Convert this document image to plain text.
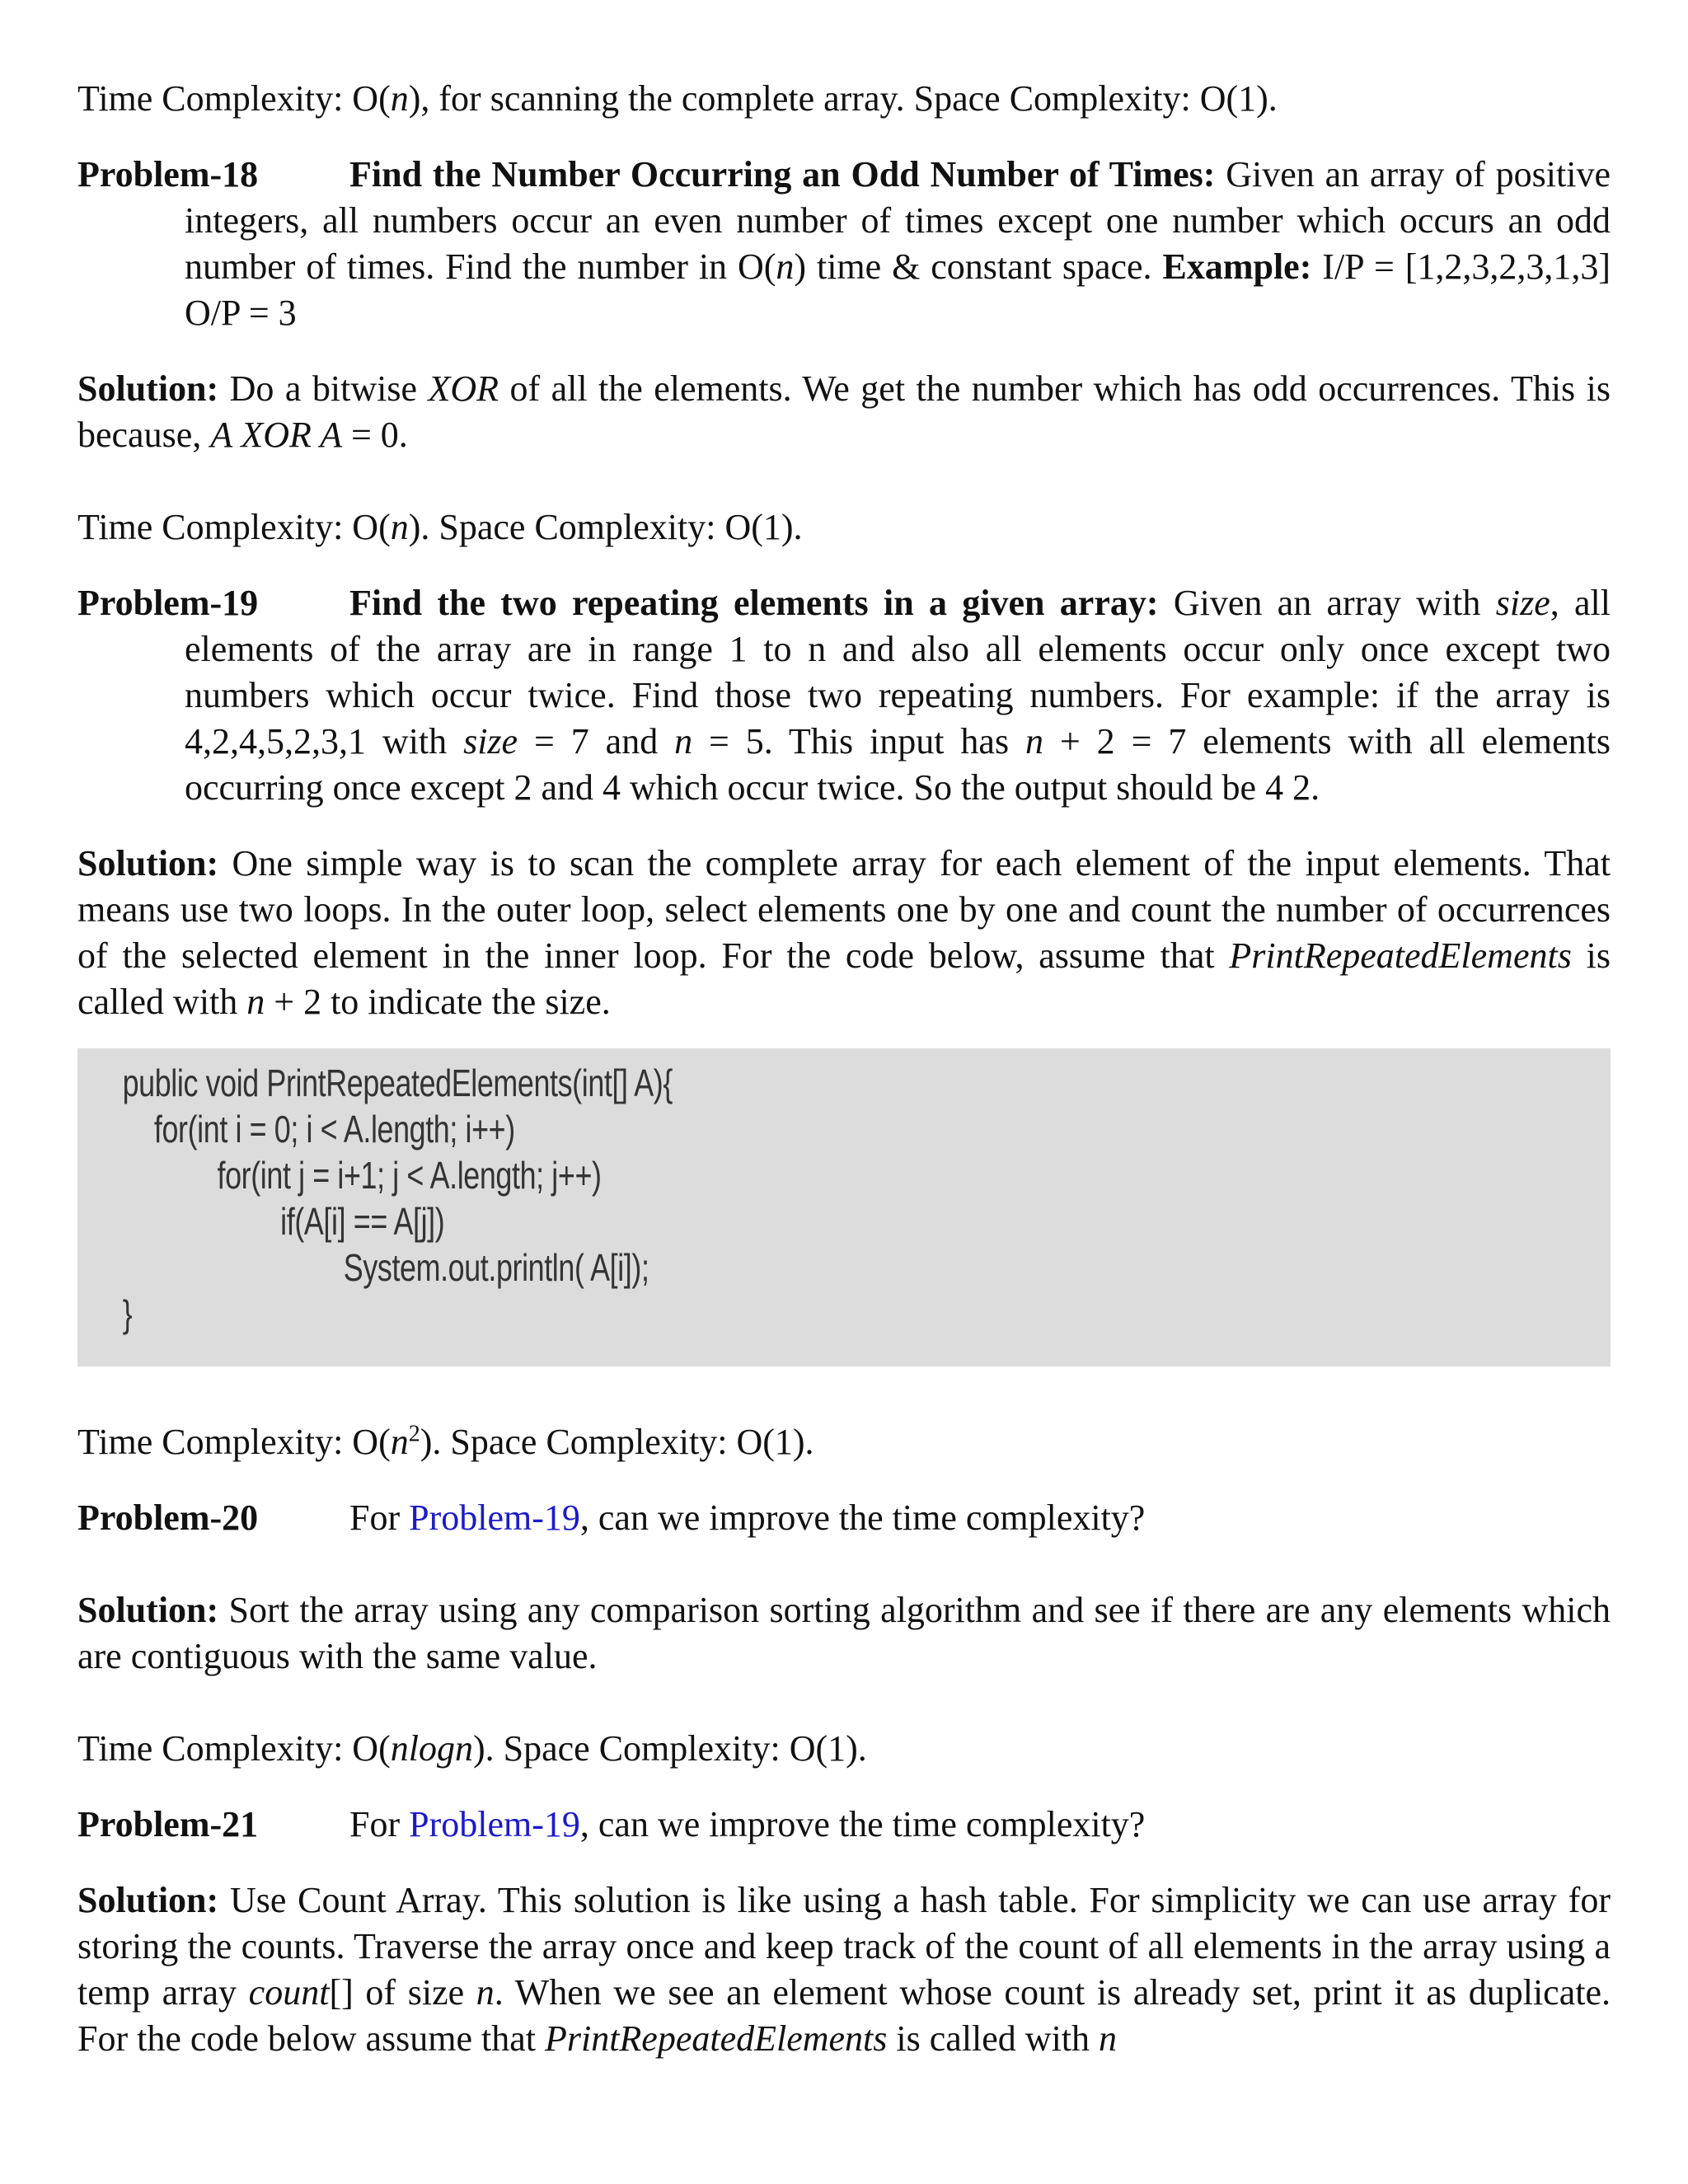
Time Complexity: O(n), for scanning the complete array. Space Complexity: O(1).

Problem-18	Find the Number Occurring an Odd Number of Times: Given an array of positive integers, all numbers occur an even number of times except one number which occurs an odd number of times. Find the number in O(n) time & constant space. Example: I/P = [1,2,3,2,3,1,3] O/P = 3

Solution: Do a bitwise XOR of all the elements. We get the number which has odd occurrences. This is because, A XOR A = 0.

Time Complexity: O(n). Space Complexity: O(1).

Problem-19	Find the two repeating elements in a given array: Given an array with size, all elements of the array are in range 1 to n and also all elements occur only once except two numbers which occur twice. Find those two repeating numbers. For example: if the array is 4,2,4,5,2,3,1 with size = 7 and n = 5. This input has n + 2 = 7 elements with all elements occurring once except 2 and 4 which occur twice. So the output should be 4 2.

Solution: One simple way is to scan the complete array for each element of the input elements. That means use two loops. In the outer loop, select elements one by one and count the number of occurrences of the selected element in the inner loop. For the code below, assume that PrintRepeatedElements is called with n + 2 to indicate the size.

public void PrintRepeatedElements(int[] A){
for(int i = 0; i < A.length; i++)
for(int j = i+1; j < A.length; j++)
if(A[i] == A[j])
System.out.println( A[i]);
}

Time Complexity: $O(n^2)$. Space Complexity: O(1).

Problem-20	For Problem-19, can we improve the time complexity?

Solution: Sort the array using any comparison sorting algorithm and see if there are any elements which are contiguous with the same value.

Time Complexity: O(nlogn). Space Complexity: O(1).

Problem-21	For Problem-19, can we improve the time complexity?

Solution: Use Count Array. This solution is like using a hash table. For simplicity we can use array for storing the counts. Traverse the array once and keep track of the count of all elements in the array using a temp array count[] of size n. When we see an element whose count is already set, print it as duplicate. For the code below assume that PrintRepeatedElements is called with n
